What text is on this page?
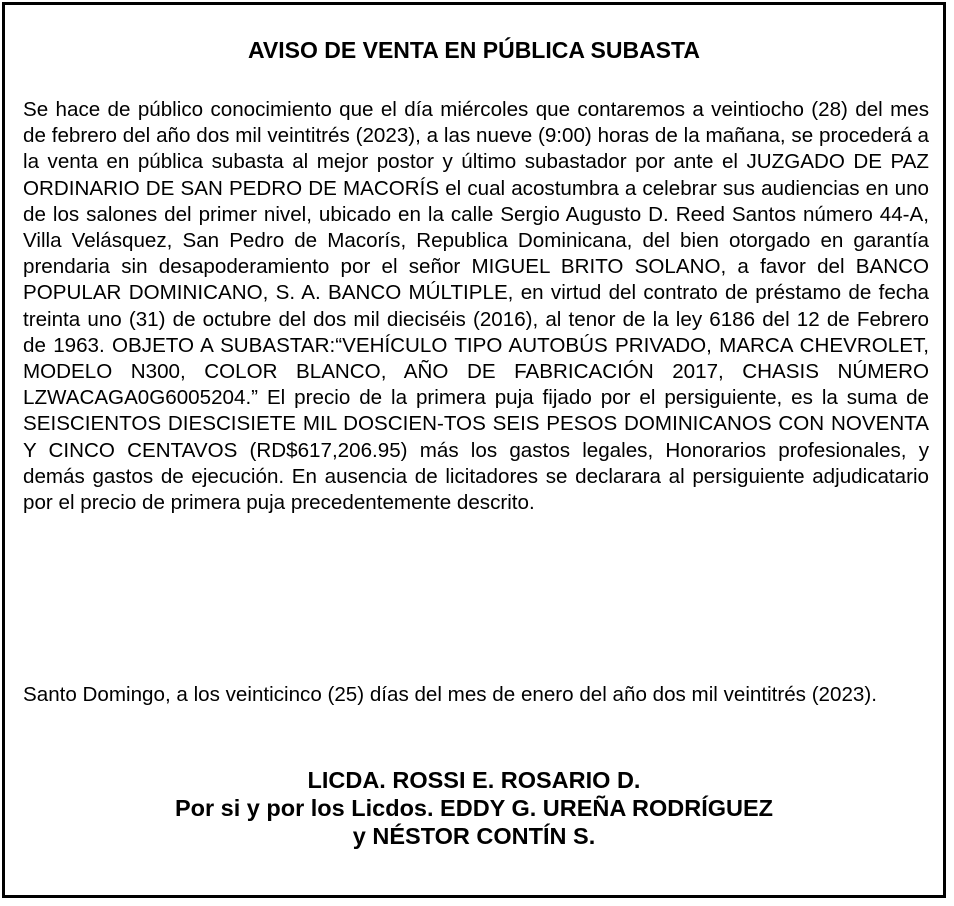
AVISO DE VENTA EN PÚBLICA SUBASTA

Se hace de público conocimiento que el día miércoles que contaremos a veintiocho (28) del mes de febrero del año dos mil veintitrés (2023), a las nueve (9:00) horas de la mañana, se procederá a la venta en pública subasta al mejor postor y último subastador por ante el JUZGADO DE PAZ ORDINARIO DE SAN PEDRO DE MACORÍS el cual acostumbra a celebrar sus audiencias en uno de los salones del primer nivel, ubicado en la calle Sergio Augusto D. Reed Santos número 44-A, Villa Velásquez, San Pedro de Macorís, Republica Dominicana, del bien otorgado en garantía prendaria sin desapoderamiento por el señor MIGUEL BRITO SOLANO, a favor del BANCO POPULAR DOMINICANO, S. A. BANCO MÚLTIPLE, en virtud del contrato de préstamo de fecha treinta uno (31) de octubre del dos mil dieciséis (2016), al tenor de la ley 6186 del 12 de Febrero de 1963. OBJETO A SUBASTAR:“VEHÍCULO TIPO AUTOBÚS PRIVADO, MARCA CHEVROLET, MODELO N300, COLOR BLANCO, AÑO DE FABRICACIÓN 2017, CHASIS NÚMERO LZWACAGA0G6005204.” El precio de la primera puja fijado por el persiguiente, es la suma de SEISCIENTOS DIESCISIETE MIL DOSCIEN-TOS SEIS PESOS DOMINICANOS CON NOVENTA Y CINCO CENTAVOS (RD$617,206.95) más los gastos legales, Honorarios profesionales, y demás gastos de ejecución. En ausencia de licitadores se declarara al persiguiente adjudicatario por el precio de primera puja precedentemente descrito.

Santo Domingo, a los veinticinco (25) días del mes de enero del año dos mil veintitrés (2023).

LICDA. ROSSI E. ROSARIO D.
Por si y por los Licdos. EDDY G. UREÑA RODRÍGUEZ
y NÉSTOR CONTÍN S.
